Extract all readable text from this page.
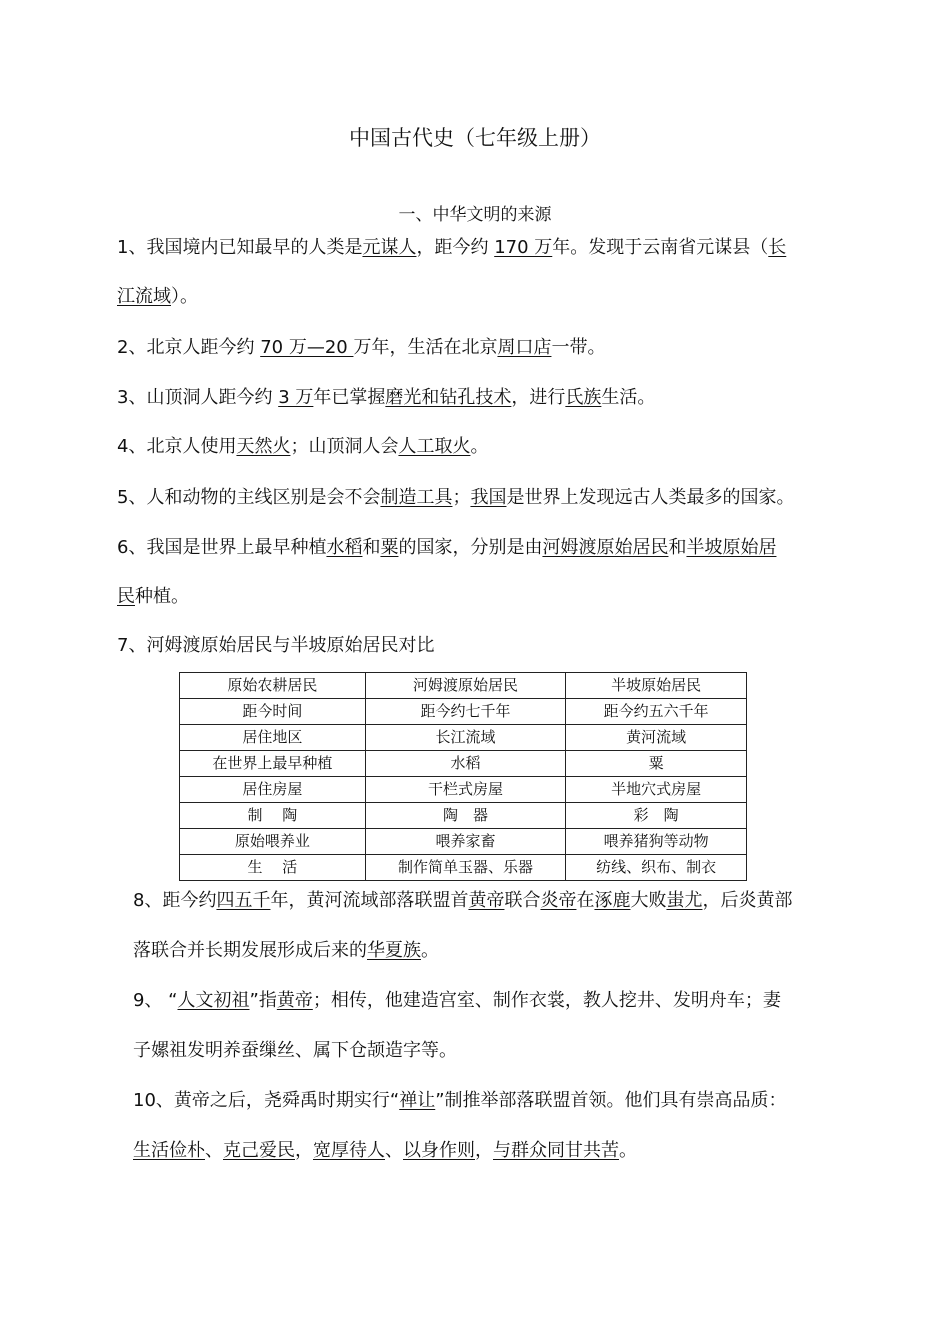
中国古代史（七年级上册）
一、中华文明的来源
1、我国境内已知最早的人类是元谋人，距今约 170 万年。发现于云南省元谋县（长
江流域）。
2、北京人距今约 70 万—20 万年，生活在北京周口店一带。
3、山顶洞人距今约 3 万年已掌握磨光和钻孔技术，进行氏族生活。
4、北京人使用天然火；山顶洞人会人工取火。
5、人和动物的主线区别是会不会制造工具；我国是世界上发现远古人类最多的国家。
6、我国是世界上最早种植水稻和粟的国家，分别是由河姆渡原始居民和半坡原始居
民种植。
7、河姆渡原始居民与半坡原始居民对比
8、距今约四五千年，黄河流域部落联盟首黄帝联合炎帝在涿鹿大败蚩尤，后炎黄部
落联合并长期发展形成后来的华夏族。
9、 “人文初祖”指黄帝；相传，他建造宫室、制作衣裳，教人挖井、发明舟车；妻
子嫘祖发明养蚕缫丝、属下仓颉造字等。
10、黄帝之后，尧舜禹时期实行“禅让”制推举部落联盟首领。他们具有崇高品质：
生活俭朴、克己爱民，宽厚待人、以身作则，与群众同甘共苦。
原始农耕居民	河姆渡原始居民	半坡原始居民
距今时间	距今约七千年	距今约五六千年
居住地区	长江流域	黄河流域
在世界上最早种植	水稻	粟
居住房屋	干栏式房屋	半地穴式房屋
制　 陶	陶　器	彩　陶
原始喂养业	喂养家畜	喂养猪狗等动物
生　 活	制作简单玉器、乐器	纺线、织布、制衣
